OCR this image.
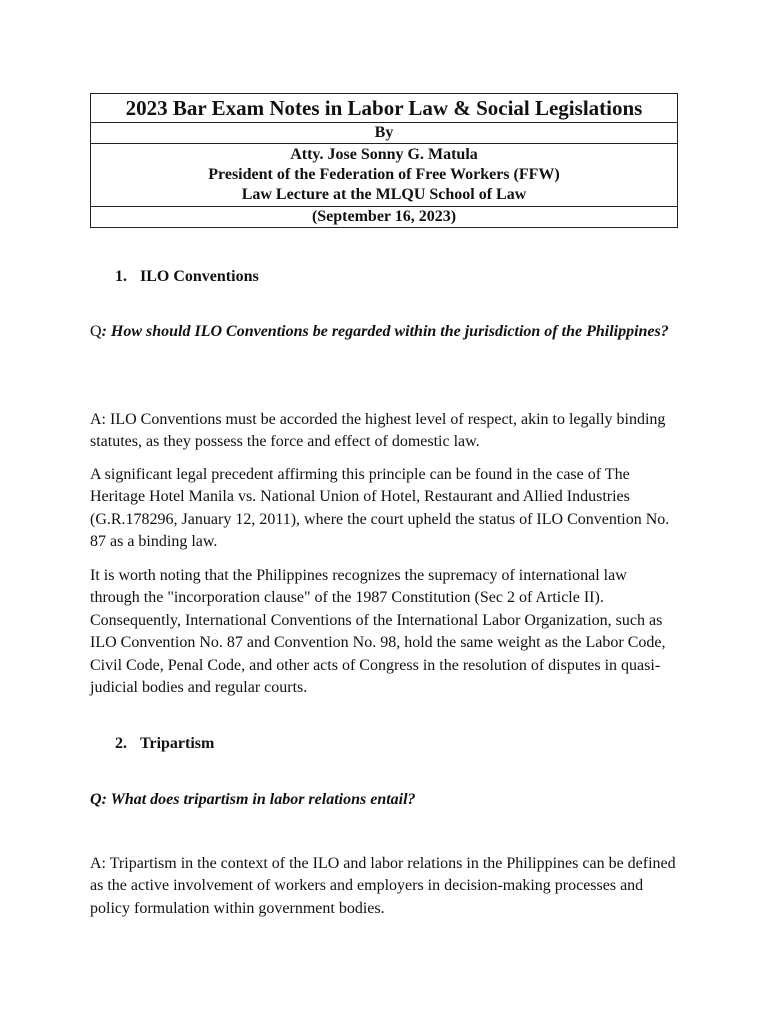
2023 Bar Exam Notes in Labor Law & Social Legislations
By

Atty. Jose Sonny G. Matula
President of the Federation of Free Workers (FFW)
Law Lecture at the MLQU School of Law

(September 16, 2023)
1. ILO Conventions
Q: How should ILO Conventions be regarded within the jurisdiction of the Philippines?
A: ILO Conventions must be accorded the highest level of respect, akin to legally binding statutes, as they possess the force and effect of domestic law.
A significant legal precedent affirming this principle can be found in the case of The Heritage Hotel Manila vs. National Union of Hotel, Restaurant and Allied Industries (G.R.178296, January 12, 2011), where the court upheld the status of ILO Convention No. 87 as a binding law.
It is worth noting that the Philippines recognizes the supremacy of international law through the "incorporation clause" of the 1987 Constitution (Sec 2 of Article II). Consequently, International Conventions of the International Labor Organization, such as ILO Convention No. 87 and Convention No. 98, hold the same weight as the Labor Code, Civil Code, Penal Code, and other acts of Congress in the resolution of disputes in quasi-judicial bodies and regular courts.
2. Tripartism
Q: What does tripartism in labor relations entail?
A: Tripartism in the context of the ILO and labor relations in the Philippines can be defined as the active involvement of workers and employers in decision-making processes and policy formulation within government bodies.
